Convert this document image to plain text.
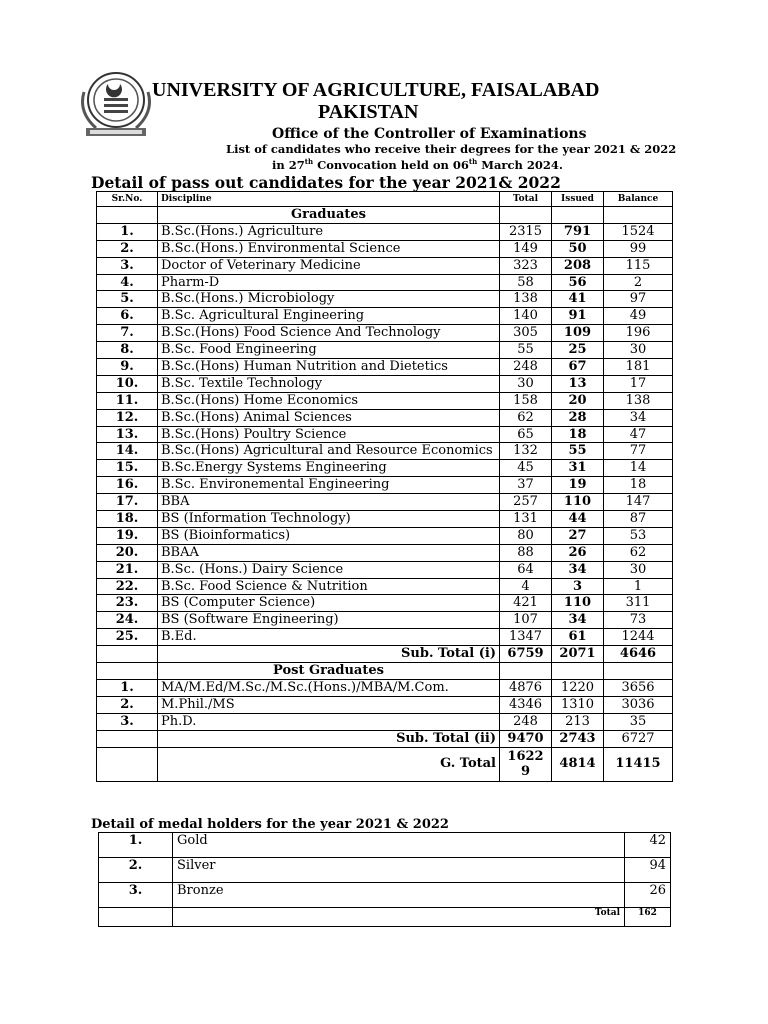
UNIVERSITY OF AGRICULTURE, FAISALABAD
PAKISTAN
Office of the Controller of Examinations
List of candidates who receive their degrees for the year 2021 & 2022
in 27th Convocation held on 06th March 2024.
Detail of pass out candidates for the year 2021& 2022
Sr.No.	Discipline	Total	Issued	Balance
	Graduates			
1.	B.Sc.(Hons.) Agriculture	2315	791	1524
2.	B.Sc.(Hons.) Environmental Science	149	50	99
3.	Doctor of Veterinary Medicine	323	208	115
4.	Pharm-D	58	56	2
5.	B.Sc.(Hons.) Microbiology	138	41	97
6.	B.Sc. Agricultural Engineering	140	91	49
7.	B.Sc.(Hons) Food Science And Technology	305	109	196
8.	B.Sc. Food Engineering	55	25	30
9.	B.Sc.(Hons) Human Nutrition and Dietetics	248	67	181
10.	B.Sc. Textile Technology	30	13	17
11.	B.Sc.(Hons) Home Economics	158	20	138
12.	B.Sc.(Hons) Animal Sciences	62	28	34
13.	B.Sc.(Hons) Poultry Science	65	18	47
14.	B.Sc.(Hons) Agricultural and Resource Economics	132	55	77
15.	B.Sc.Energy Systems Engineering	45	31	14
16.	B.Sc. Environemental Engineering	37	19	18
17.	BBA	257	110	147
18.	BS (Information Technology)	131	44	87
19.	BS (Bioinformatics)	80	27	53
20.	BBAA	88	26	62
21.	B.Sc. (Hons.) Dairy Science	64	34	30
22.	B.Sc. Food Science & Nutrition	4	3	1
23.	BS (Computer Science)	421	110	311
24.	BS (Software Engineering)	107	34	73
25.	B.Ed.	1347	61	1244
	Sub. Total (i)	6759	2071	4646
	Post Graduates			
1.	MA/M.Ed/M.Sc./M.Sc.(Hons.)/MBA/M.Com.	4876	1220	3656
2.	M.Phil./MS	4346	1310	3036
3.	Ph.D.	248	213	35
	Sub. Total (ii)	9470	2743	6727
	G. Total	16229	4814	11415
Detail of medal holders for the year 2021 & 2022
1.	Gold	42
2.	Silver	94
3.	Bronze	26
	Total	162
